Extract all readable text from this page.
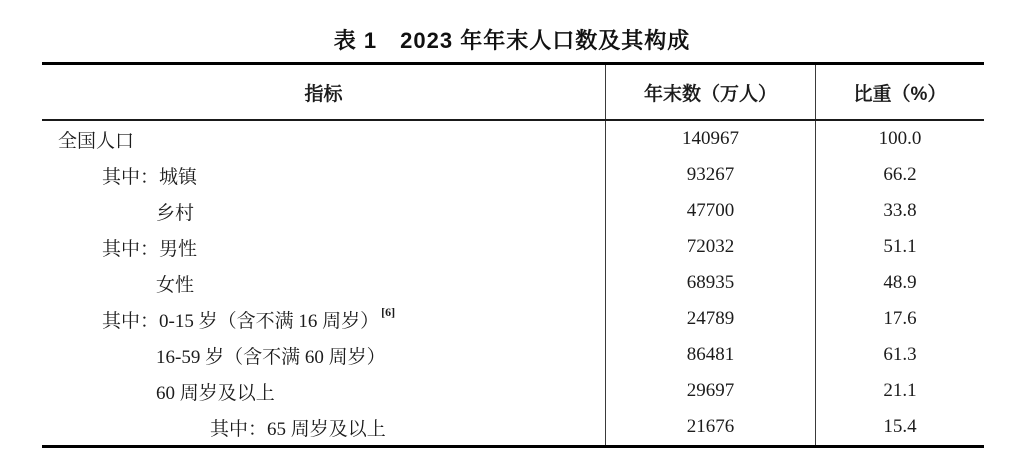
表 1　2023 年年末人口数及其构成
指标	年末数（万人）	比重（%）
全国人口	140967	100.0
其中：城镇	93267	66.2
乡村	47700	33.8
其中：男性	72032	51.1
女性	68935	48.9
其中：0-15 岁（含不满 16 周岁）[6]	24789	17.6
16-59 岁（含不满 60 周岁）	86481	61.3
60 周岁及以上	29697	21.1
其中：65 周岁及以上	21676	15.4
